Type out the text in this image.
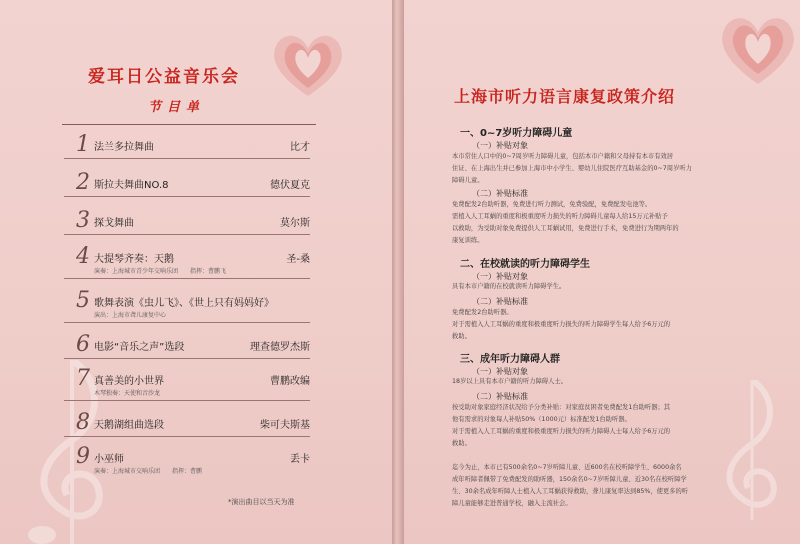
爱耳日公益音乐会
节目单
1 法兰多拉舞曲	比才
2 斯拉夫舞曲NO.8	德伏夏克
3 探戈舞曲	莫尔斯
4 大提琴齐奏：天鹅	圣-桑
演奏：上海城市青少年交响乐团　　指挥：曹鹏飞
5 歌舞表演《虫儿飞》、《世上只有妈妈好》
演出：上海市聋儿康复中心
6 电影“音乐之声”选段	理查德罗杰斯
7 真善美的小世界	曹鹏改编
木琴独奏：天使和音沙龙
8 天鹅湖组曲选段	柴可夫斯基
9 小巫师	丢卡
演奏：上海城市交响乐团　　指挥：曹鹏
*演出曲目以当天为准
上海市听力语言康复政策介绍
一、0~7岁听力障碍儿童
（一）补贴对象
本市常住人口中的0~7周岁听力障碍儿童，包括本市户籍和父母持有本市有效居
住证、在上海出生并已参加上海市中小学生、婴幼儿住院医疗互助基金的0~7周岁听力
障碍儿童。
（二）补贴标准
免费配发2台助听器，免费进行听力测试，免费验配，免费配发电池等。
需植入人工耳蜗的重度和极重度听力损失的听力障碍儿童每人给15万元补贴予
以救助，为受助对象免费提供人工耳蜗试用，免费进行手术，免费进行为期两年的
康复训练。
二、在校就读的听力障碍学生
（一）补贴对象
具有本市户籍的在校就读听力障碍学生。
（二）补贴标准
免费配发2台助听器。
对于需植入人工耳蜗的重度和极重度听力损失的听力障碍学生每人给予6万元的
救助。
三、成年听力障碍人群
（一）补贴对象
18岁以上具有本市户籍的听力障碍人士。
（二）补贴标准
按受助对象家庭经济状况给予分类补贴：对家庭贫困者免费配发1台助听器；其
他有需求的对象每人补贴50%（1000元）标准配发1台助听器。
对于需植入人工耳蜗的重度和极重度听力损失的听力障碍人士每人给予6万元的
救助。
迄今为止，本市已有500余名0~7岁听障儿童、近600名在校听障学生、6000余名
成年听障者佩带了免费配发的助听器，150余名0~7岁听障儿童、近30名在校听障学
生、30余名成年听障人士植入人工耳蜗获得救助，聋儿康复率达到85%，使更多的听
障儿童能够走进普通学校，融入主流社会。
